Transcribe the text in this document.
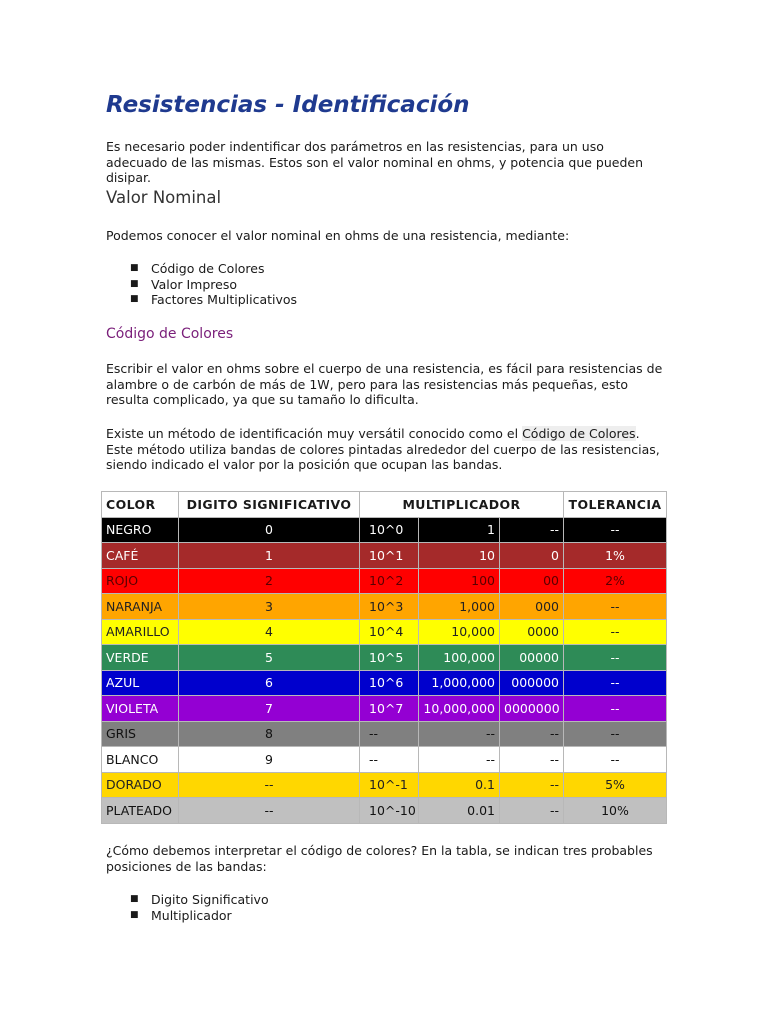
Resistencias - Identificación

Es necesario poder indentificar dos parámetros en las resistencias, para un uso adecuado de las mismas. Estos son el valor nominal en ohms, y potencia que pueden disipar.

Valor Nominal

Podemos conocer el valor nominal en ohms de una resistencia, mediante:

■ Código de Colores
■ Valor Impreso
■ Factores Multiplicativos
Código de Colores

Escribir el valor en ohms sobre el cuerpo de una resistencia, es fácil para resistencias de alambre o de carbón de más de 1W, pero para las resistencias más pequeñas, esto resulta complicado, ya que su tamaño lo dificulta.

Existe un método de identificación muy versátil conocido como el Código de Colores. Este método utiliza bandas de colores pintadas alrededor del cuerpo de las resistencias, siendo indicado el valor por la posición que ocupan las bandas.

COLOR	DIGITO SIGNIFICATIVO	MULTIPLICADOR			TOLERANCIA
NEGRO	0	10^0	1	--	--
CAFÉ	1	10^1	10	0	1%
ROJO	2	10^2	100	00	2%
NARANJA	3	10^3	1,000	000	--
AMARILLO	4	10^4	10,000	0000	--
VERDE	5	10^5	100,000	00000	--
AZUL	6	10^6	1,000,000	000000	--
VIOLETA	7	10^7	10,000,000	0000000	--
GRIS	8	--	--	--	--
BLANCO	9	--	--	--	--
DORADO	--	10^-1	0.1	--	5%
PLATEADO	--	10^-10	0.01	--	10%

¿Cómo debemos interpretar el código de colores? En la tabla, se indican tres probables posiciones de las bandas:

■ Digito Significativo
■ Multiplicador
